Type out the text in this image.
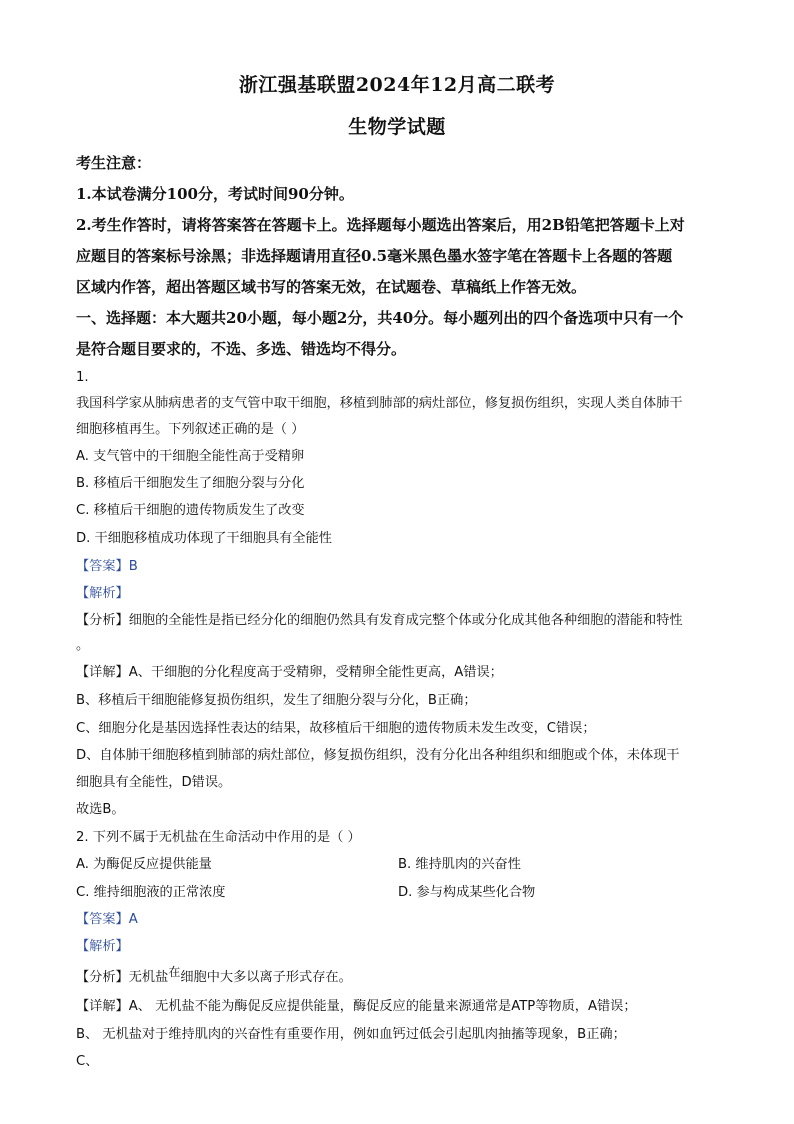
浙江强基联盟2024年12月高二联考
生物学试题
考生注意：
1.本试卷满分100分，考试时间90分钟。
2.考生作答时，请将答案答在答题卡上。选择题每小题选出答案后，用2B铅笔把答题卡上对
应题目的答案标号涂黑；非选择题请用直径0.5毫米黑色墨水签字笔在答题卡上各题的答题
区域内作答，超出答题区域书写的答案无效，在试题卷、草稿纸上作答无效。
一、选择题：本大题共20小题，每小题2分，共40分。每小题列出的四个备选项中只有一个
是符合题目要求的，不选、多选、错选均不得分。
1.
我国科学家从肺病患者的支气管中取干细胞，移植到肺部的病灶部位，修复损伤组织，实现人类自体肺干
细胞移植再生。下列叙述正确的是（ ）
A. 支气管中的干细胞全能性高于受精卵
B. 移植后干细胞发生了细胞分裂与分化
C. 移植后干细胞的遗传物质发生了改变
D. 干细胞移植成功体现了干细胞具有全能性
【答案】B
【解析】
【分析】细胞的全能性是指已经分化的细胞仍然具有发育成完整个体或分化成其他各种细胞的潜能和特性
。
【详解】A、干细胞的分化程度高于受精卵，受精卵全能性更高，A错误；
B、移植后干细胞能修复损伤组织，发生了细胞分裂与分化，B正确；
C、细胞分化是基因选择性表达的结果，故移植后干细胞的遗传物质未发生改变，C错误；
D、自体肺干细胞移植到肺部的病灶部位，修复损伤组织，没有分化出各种组织和细胞或个体，未体现干
细胞具有全能性，D错误。
故选B。
2. 下列不属于无机盐在生命活动中作用的是（ ）
A. 为酶促反应提供能量	B. 维持肌肉的兴奋性
C. 维持细胞液的正常浓度	D. 参与构成某些化合物
【答案】A
【解析】
【分析】无机盐在细胞中大多以离子形式存在。
【详解】A、 无机盐不能为酶促反应提供能量，酶促反应的能量来源通常是ATP等物质，A错误；
B、 无机盐对于维持肌肉的兴奋性有重要作用，例如血钙过低会引起肌肉抽搐等现象，B正确；
C、
